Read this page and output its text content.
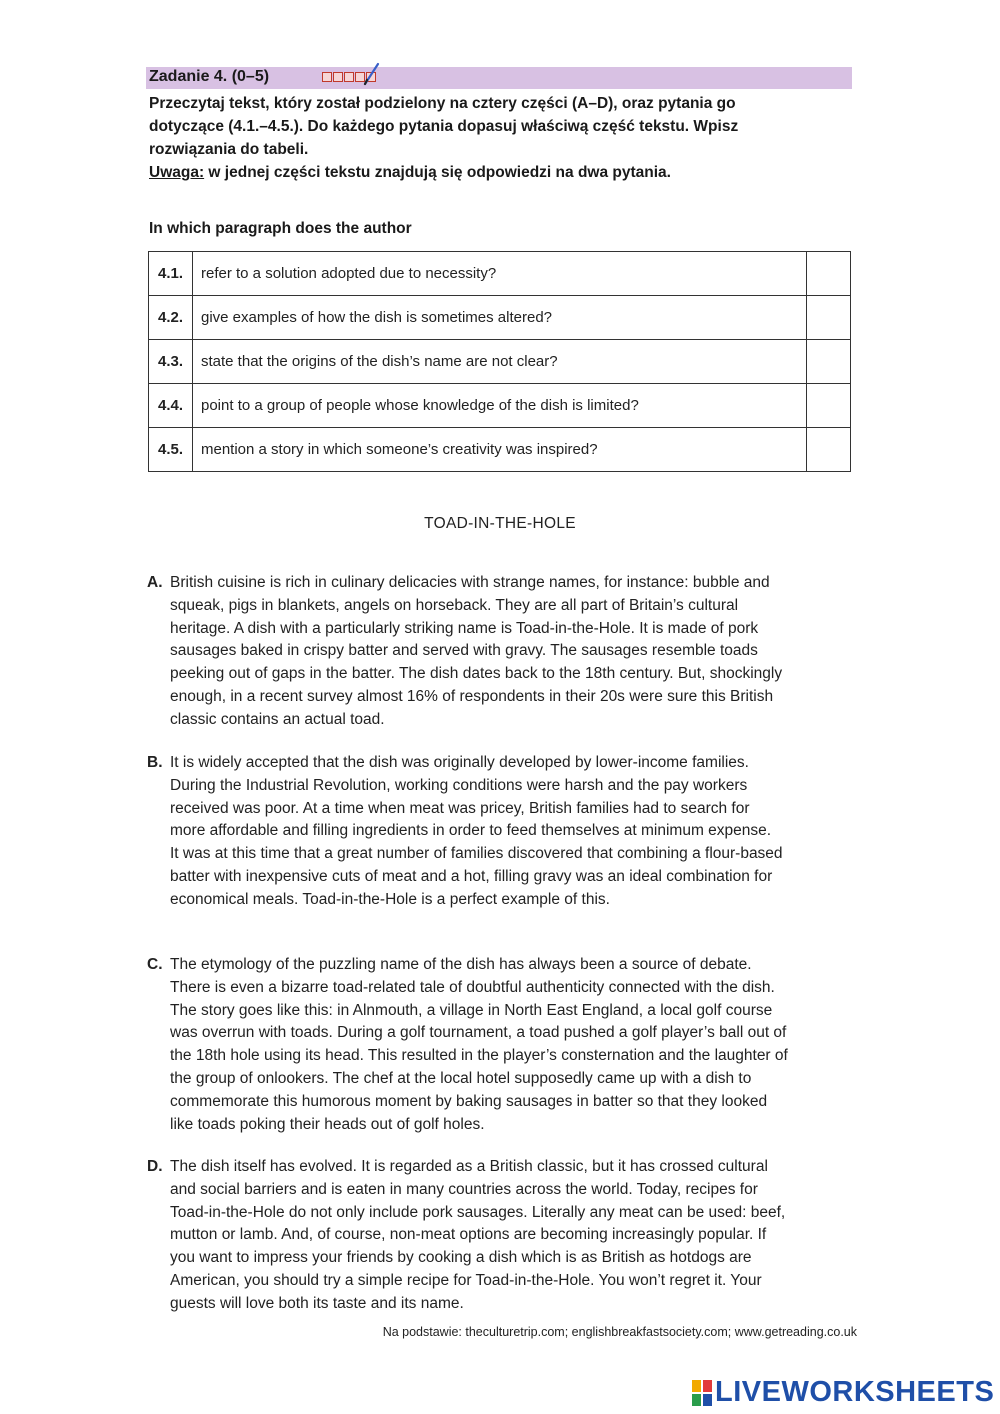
Zadanie 4. (0–5)

Przeczytaj tekst, który został podzielony na cztery części (A–D), oraz pytania go

dotyczące (4.1.–4.5.). Do każdego pytania dopasuj właściwą część tekstu. Wpisz

rozwiązania do tabeli.

Uwaga: w jednej części tekstu znajdują się odpowiedzi na dwa pytania.

In which paragraph does the author
4.1.	refer to a solution adopted due to necessity?	
4.2.	give examples of how the dish is sometimes altered?	
4.3.	state that the origins of the dish’s name are not clear?	
4.4.	point to a group of people whose knowledge of the dish is limited?	
4.5.	mention a story in which someone’s creativity was inspired?	
TOAD-IN-THE-HOLE
A. British cuisine is rich in culinary delicacies with strange names, for instance: bubble and
squeak, pigs in blankets, angels on horseback. They are all part of Britain’s cultural
heritage. A dish with a particularly striking name is Toad-in-the-Hole. It is made of pork
sausages baked in crispy batter and served with gravy. The sausages resemble toads
peeking out of gaps in the batter. The dish dates back to the 18th century. But, shockingly
enough, in a recent survey almost 16% of respondents in their 20s were sure this British
classic contains an actual toad.
B. It is widely accepted that the dish was originally developed by lower-income families.
During the Industrial Revolution, working conditions were harsh and the pay workers
received was poor. At a time when meat was pricey, British families had to search for
more affordable and filling ingredients in order to feed themselves at minimum expense.
It was at this time that a great number of families discovered that combining a flour-based
batter with inexpensive cuts of meat and a hot, filling gravy was an ideal combination for
economical meals. Toad-in-the-Hole is a perfect example of this.
C. The etymology of the puzzling name of the dish has always been a source of debate.
There is even a bizarre toad-related tale of doubtful authenticity connected with the dish.
The story goes like this: in Alnmouth, a village in North East England, a local golf course
was overrun with toads. During a golf tournament, a toad pushed a golf player’s ball out of
the 18th hole using its head. This resulted in the player’s consternation and the laughter of
the group of onlookers. The chef at the local hotel supposedly came up with a dish to
commemorate this humorous moment by baking sausages in batter so that they looked
like toads poking their heads out of golf holes.
D. The dish itself has evolved. It is regarded as a British classic, but it has crossed cultural
and social barriers and is eaten in many countries across the world. Today, recipes for
Toad-in-the-Hole do not only include pork sausages. Literally any meat can be used: beef,
mutton or lamb. And, of course, non-meat options are becoming increasingly popular. If
you want to impress your friends by cooking a dish which is as British as hotdogs are
American, you should try a simple recipe for Toad-in-the-Hole. You won’t regret it. Your
guests will love both its taste and its name.
Na podstawie: theculturetrip.com; englishbreakfastsociety.com; www.getreading.co.uk
LIVEWORKSHEETS
